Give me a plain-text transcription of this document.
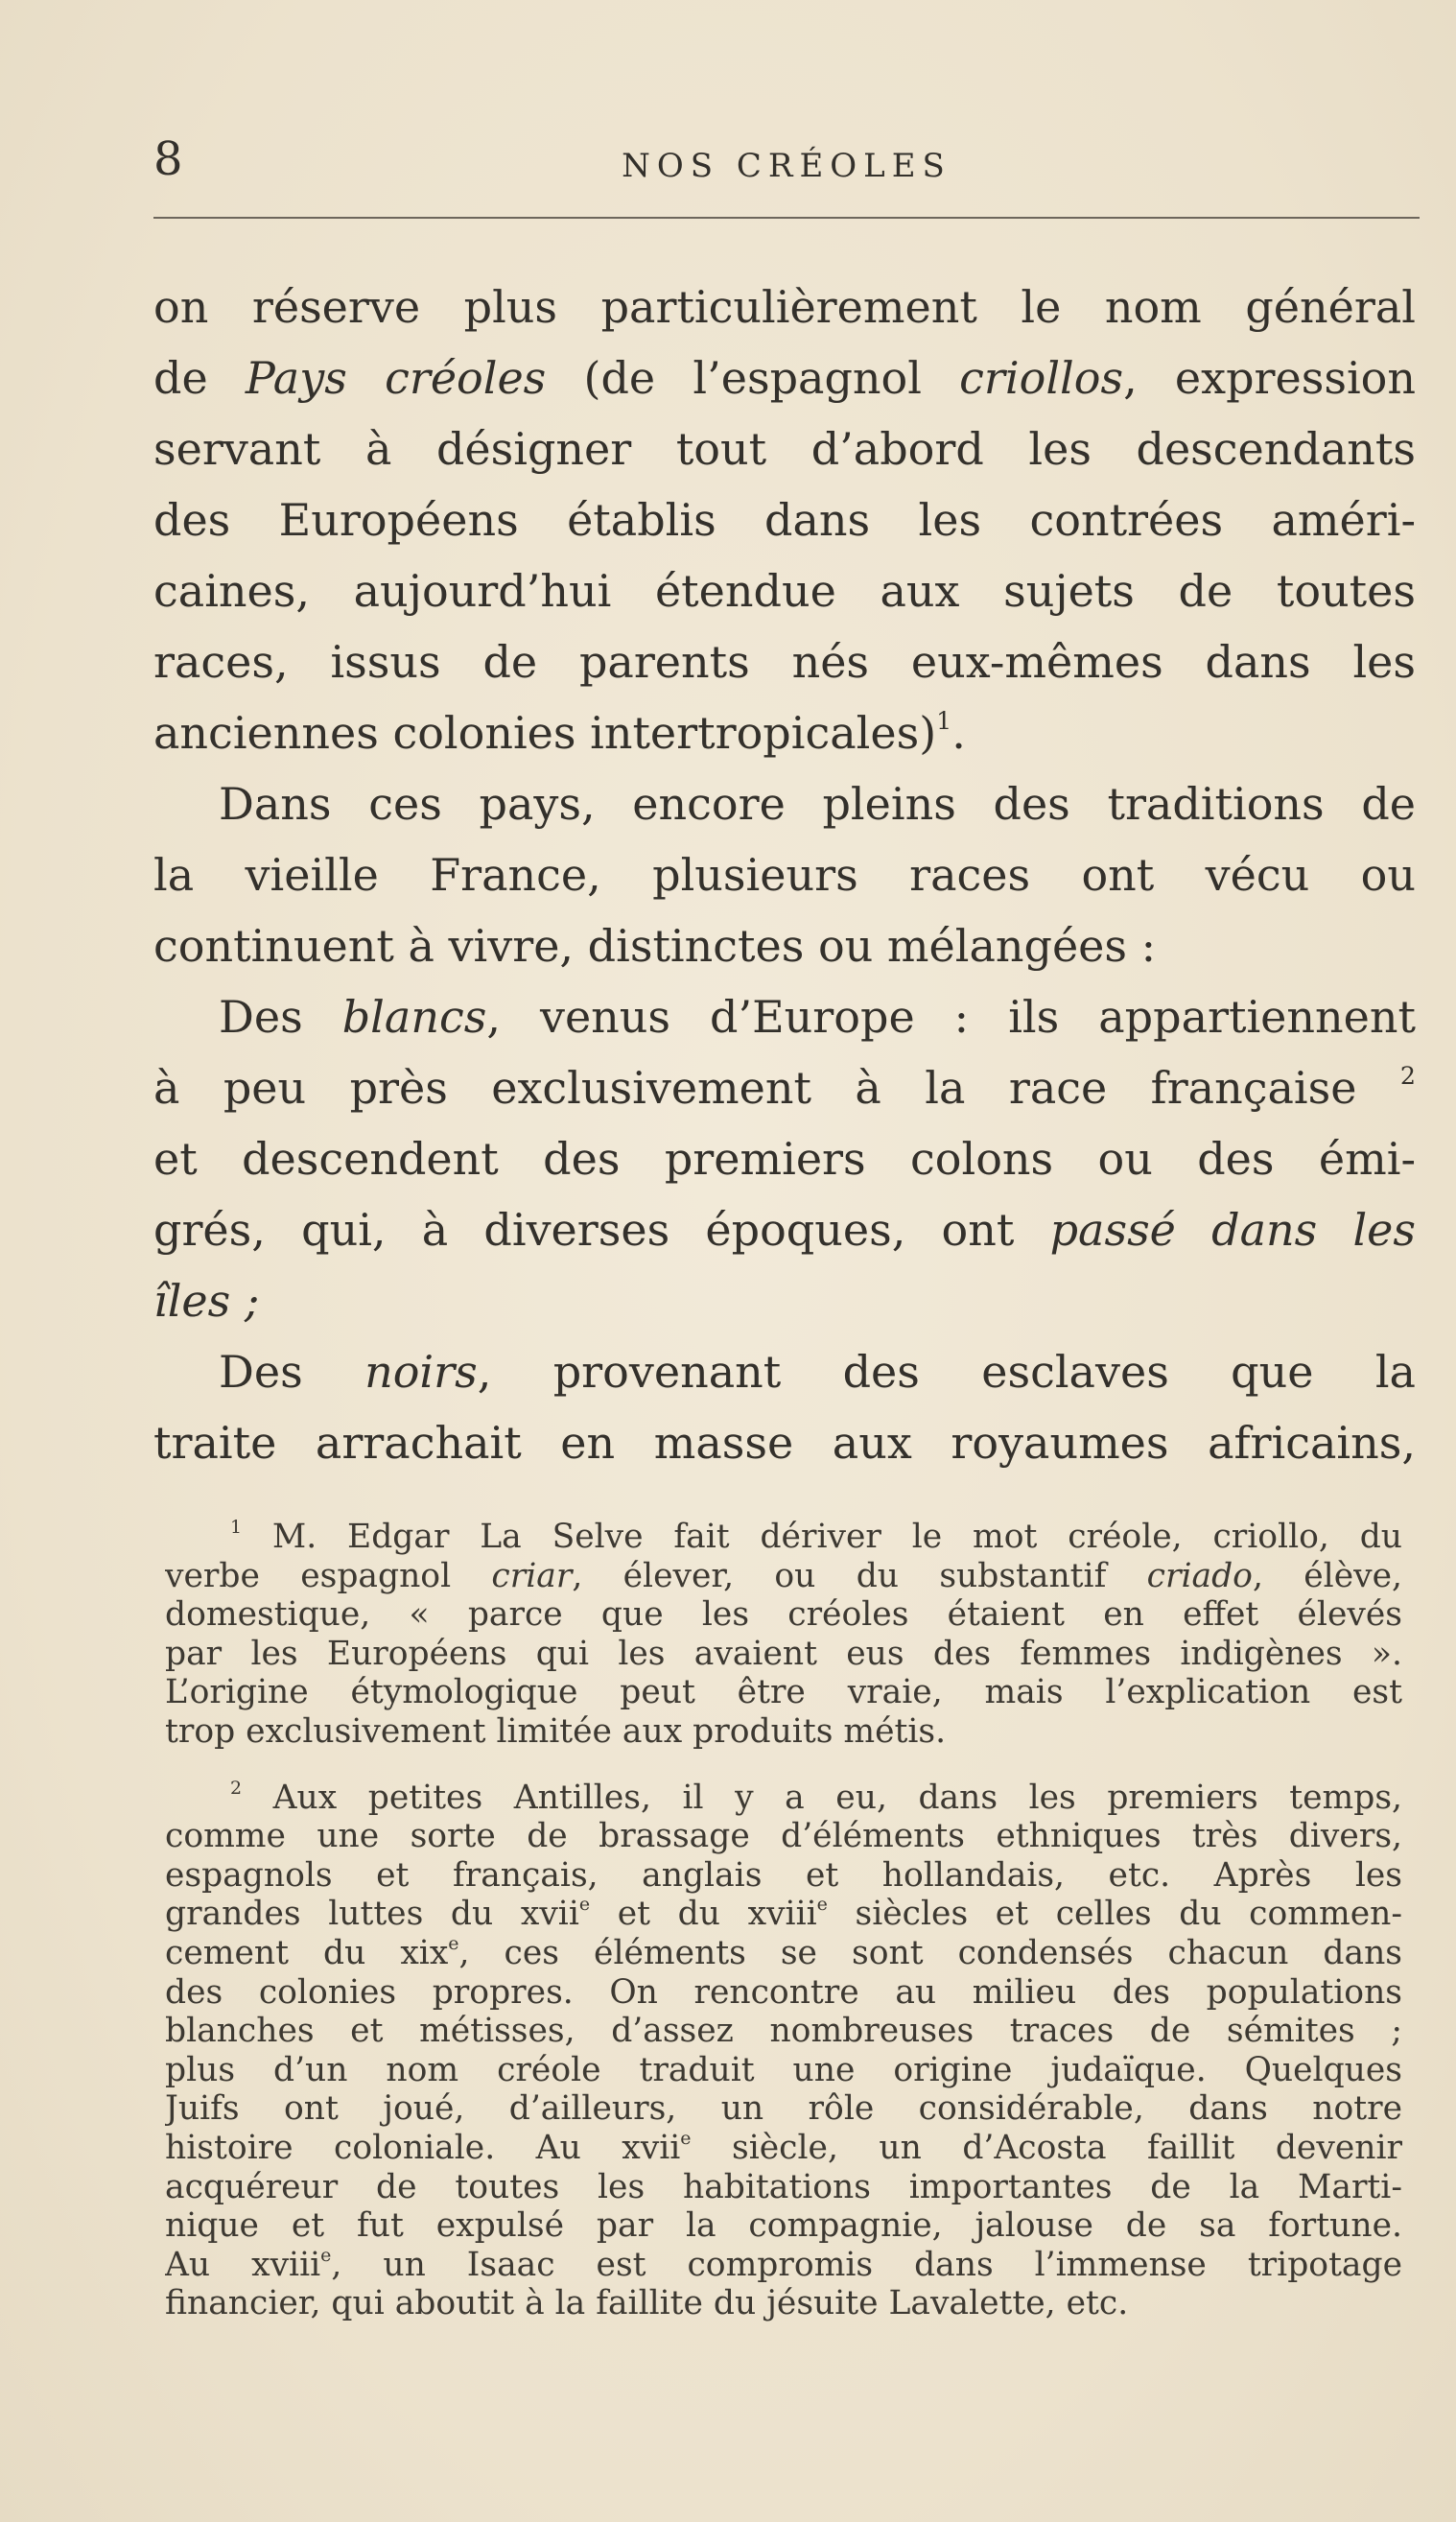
8	NOS CRÉOLES
on réserve plus particulièrement le nom général
de Pays créoles (de l’espagnol criollos, expression
servant à désigner tout d’abord les descendants
des Européens établis dans les contrées améri-
caines, aujourd’hui étendue aux sujets de toutes
races, issus de parents nés eux-mêmes dans les
anciennes colonies intertropicales)$^1$.
Dans ces pays, encore pleins des traditions de
la vieille France, plusieurs races ont vécu ou
continuent à vivre, distinctes ou mélangées :
Des blancs, venus d’Europe : ils appartiennent
à peu près exclusivement à la race française $^2$
et descendent des premiers colons ou des émi-
grés, qui, à diverses époques, ont passé dans les
îles ;
Des noirs, provenant des esclaves que la
traite arrachait en masse aux royaumes africains,
$^1$ M. Edgar La Selve fait dériver le mot créole, criollo, du
verbe espagnol criar, élever, ou du substantif criado, élève,
domestique, « parce que les créoles étaient en effet élevés
par les Européens qui les avaient eus des femmes indigènes ».
L’origine étymologique peut être vraie, mais l’explication est
trop exclusivement limitée aux produits métis.
$^2$ Aux petites Antilles, il y a eu, dans les premiers temps,
comme une sorte de brassage d’éléments ethniques très divers,
espagnols et français, anglais et hollandais, etc. Après les
grandes luttes du xvii$^e$ et du xviii$^e$ siècles et celles du commen-
cement du xix$^e$, ces éléments se sont condensés chacun dans
des colonies propres. On rencontre au milieu des populations
blanches et métisses, d’assez nombreuses traces de sémites ;
plus d’un nom créole traduit une origine judaïque. Quelques
Juifs ont joué, d’ailleurs, un rôle considérable, dans notre
histoire coloniale. Au xvii$^e$ siècle, un d’Acosta faillit devenir
acquéreur de toutes les habitations importantes de la Marti-
nique et fut expulsé par la compagnie, jalouse de sa fortune.
Au xviii$^e$, un Isaac est compromis dans l’immense tripotage
financier, qui aboutit à la faillite du jésuite Lavalette, etc.
